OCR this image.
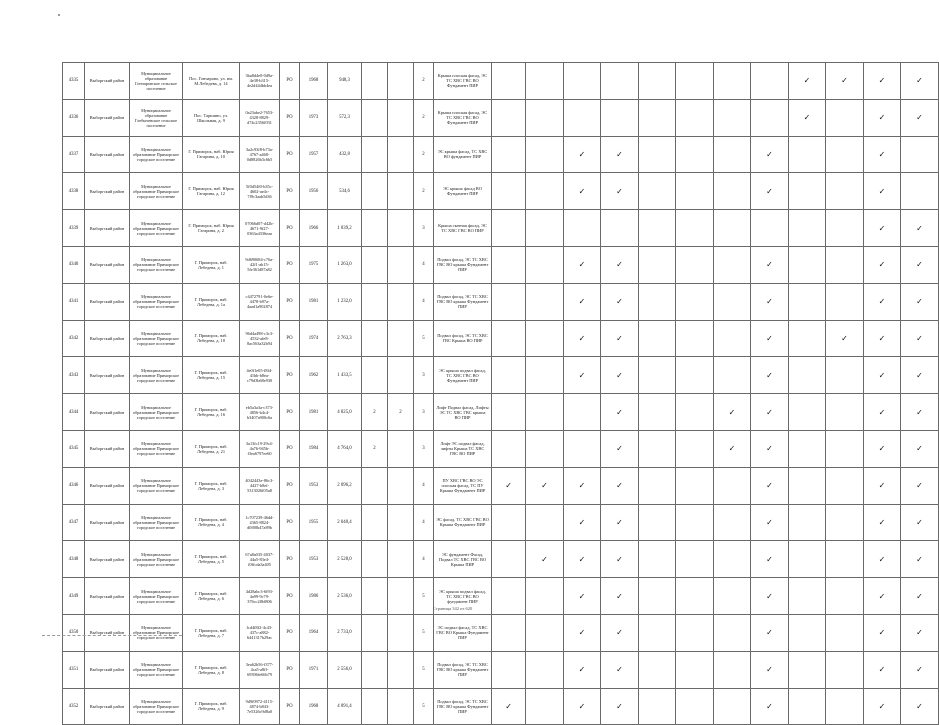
4335	Выборгский район	Муниципальное образование Гончаровское сельское поселение	Пос. Гончарово, ул. им. М.Лебедева, д. 14	3ba8d4e0-0d9a-4e38-b315-4e2d44dbb4ea	РО	1968	948,3			2	Крыша плоская фасад, ЭС ТС ХВС ГВС ВО Фундамент ПИР									✓	✓	✓	✓
4336	Выборгский район	Муниципальное образование Глебычевское сельское поселение	Пос. Таршино, ул. Школьная, д. 9	0a23abe2-7653-4328-8829-d74c2356f031	РО	1973	572,3			2	Крыша плоская фасад, ЭС ТС ХВС ГВС ВО Фундамент ПИР									✓		✓	✓
4337	Выборгский район	Муниципальное образование Приморское городское поселение	Г. Приморск, наб. Юрия Гагарина, д. 10	3a2c93f8-b73a-4767-a468-0d8826b3c6b5	РО	1957	432,8			2	ЭС крыша фасад, ТС ХВС ВО фундамент ПИР			✓	✓				✓			✓	
4338	Выборгский район	Муниципальное образование Приморское городское поселение	Г. Приморск, наб. Юрия Гагарина, д. 12	5f0d54f0-b35c-4602-ae4c-7f9c3aab5d36	РО	1956	534,6			2	ЭС крыша фасад ВО Фундамент ПИР			✓	✓				✓			✓	
4339	Выборгский район	Муниципальное образование Приморское городское поселение	Г. Приморск, наб. Юрия Гагарина, д. 2	07066d07-d42b-4671-9f27-0363a4336eaa	РО	1966	1 039,2			3	Крыша скатная фасад, ЭС ТС ХВС ГВС ВО ПИР											✓	✓
4340	Выборгский район	Муниципальное образование Приморское городское поселение	Г. Приморск, наб. Лебедева, д. 1	9d690684-c76a-42f1-ab15-5fe361d87a82	РО	1975	1 263,0			4	Подвал фасад, ЭС ТС ХВС ГВС ВО крыша Фундамент ПИР			✓	✓				✓			✓	✓
4341	Выборгский район	Муниципальное образование Приморское городское поселение	Г. Приморск, наб. Лебедева, д. 1а	c4472791-0e6e-4478-b97a-4aad1a902874	РО	1981	1 232,0			4	Подвал фасад, ЭС ТС ХВС ГВС ВО крыша Фундамент ПИР			✓	✓				✓			✓	✓
4342	Выборгский район	Муниципальное образование Приморское городское поселение	Г. Приморск, наб. Лебедева, д. 10	96d4a498-c3c3-4532-afe8-8ac563a32b94	РО	1974	2 763,3			5	Подвал фасад, ЭС ТС ХВС ГВС Крыша ВО ПИР			✓	✓				✓		✓	✓	✓
4343	Выборгский район	Муниципальное образование Приморское городское поселение	Г. Приморск, наб. Лебедева, д. 15	4e0f1e05-f8f4-41bb-b8ea-c79d3b68e930	РО	1962	1 433,5			3	ЭС крыша подвал фасад, ТС ХВС ГВС ВО Фундамент ПИР			✓	✓				✓			✓	✓
4344	Выборгский район	Муниципальное образование Приморское городское поселение	Г. Приморск, наб. Лебедева, д. 16	eb5a3a3a-c373-4856-b4c4-b3407a900c6a	РО	1981	4 825,0	2	2	3	Лифт Подвал фасад, Лифты ЭС ТС ХВС ГВС крыша ВО ПИР				✓			✓	✓			✓	✓
4345	Выборгский район	Муниципальное образование Приморское городское поселение	Г. Приморск, наб. Лебедева, д. 21	3a13fc19-29c4-4a76-945b-f3ea6797ee60	РО	1984	4 764,0	2		3	Лифт ЭС подвал фасад, лифты Крыша ТС ХВС ГВС ВО ПИР				✓			✓	✓			✓	✓
4346	Выборгский район	Муниципальное образование Приморское городское поселение	Г. Приморск, наб. Лебедева, д. 3	4042443e-86c3-4427-b8ef-5313026f05a8	РО	1953	2 096,2			4	ПУ ХВС ГВС ВО ЭС плоская фасад, ТС ПУ Крыша Фундамент ПИР	✓	✓	✓	✓				✓			✓	✓
4347	Выборгский район	Муниципальное образование Приморское городское поселение	Г. Приморск, наб. Лебедева, д. 4	1c707239-46dd-4365-8824-d0f00b47a89b	РО	1955	2 040,4			4	ЭС фасад, ТС ХВС ГВС ВО Крыша Фундамент ПИР			✓	✓				✓			✓	✓
4348	Выборгский район	Муниципальное образование Приморское городское поселение	Г. Приморск, наб. Лебедева, д. 5	67a8a035-4037-44a5-83e4-f0ffcda3a405	РО	1953	2 528,0			4	ЭС фундамент Фасад, Подвал ТС ХВС ГВС ВО Крыша ПИР		✓	✓	✓				✓			✓	✓
4349	Выборгский район	Муниципальное образование Приморское городское поселение	Г. Приморск, наб. Лебедева, д. 6	4d28abc3-6f93-4a99-9c79-376cc2f8d806	РО	1986	2 536,0			5	ЭС крыша подвал фасад, ТС ХВС ГВС ВО фундамент ПИР			✓	✓				✓			✓	✓
4350	Выборгский район	Муниципальное образование Приморское городское поселение	Г. Приморск, наб. Лебедева, д. 7	fcd4f8f2-4c43-437c-a882-6441317b29ac	РО	1964	2 733,0			5	ЭС подвал фасад, ТС ХВС ГВС ВО Крыша Фундамент ПИР			✓	✓				✓			✓	✓
4351	Выборгский район	Муниципальное образование Приморское городское поселение	Г. Приморск, наб. Лебедева, д. 8	3ea62b56-f377-4ca5-a8ff-69396fe66b79	РО	1971	2 556,0			5	Подвал фасад, ЭС ТС ХВС ГВС ВО крыша Фундамент ПИР			✓	✓				✓			✓	✓
4352	Выборгский район	Муниципальное образование Приморское городское поселение	Г. Приморск, наб. Лебедева, д. 9	9d9f0972-4115-4874-b843-7e5326c9d8a0	РО	1968	4 091,4			5	Подвал фасад, ЭС ТС ХВС ГВС ВО крыша Фундамент ПИР	✓		✓	✓				✓			✓	✓
Страница 342 из 620
